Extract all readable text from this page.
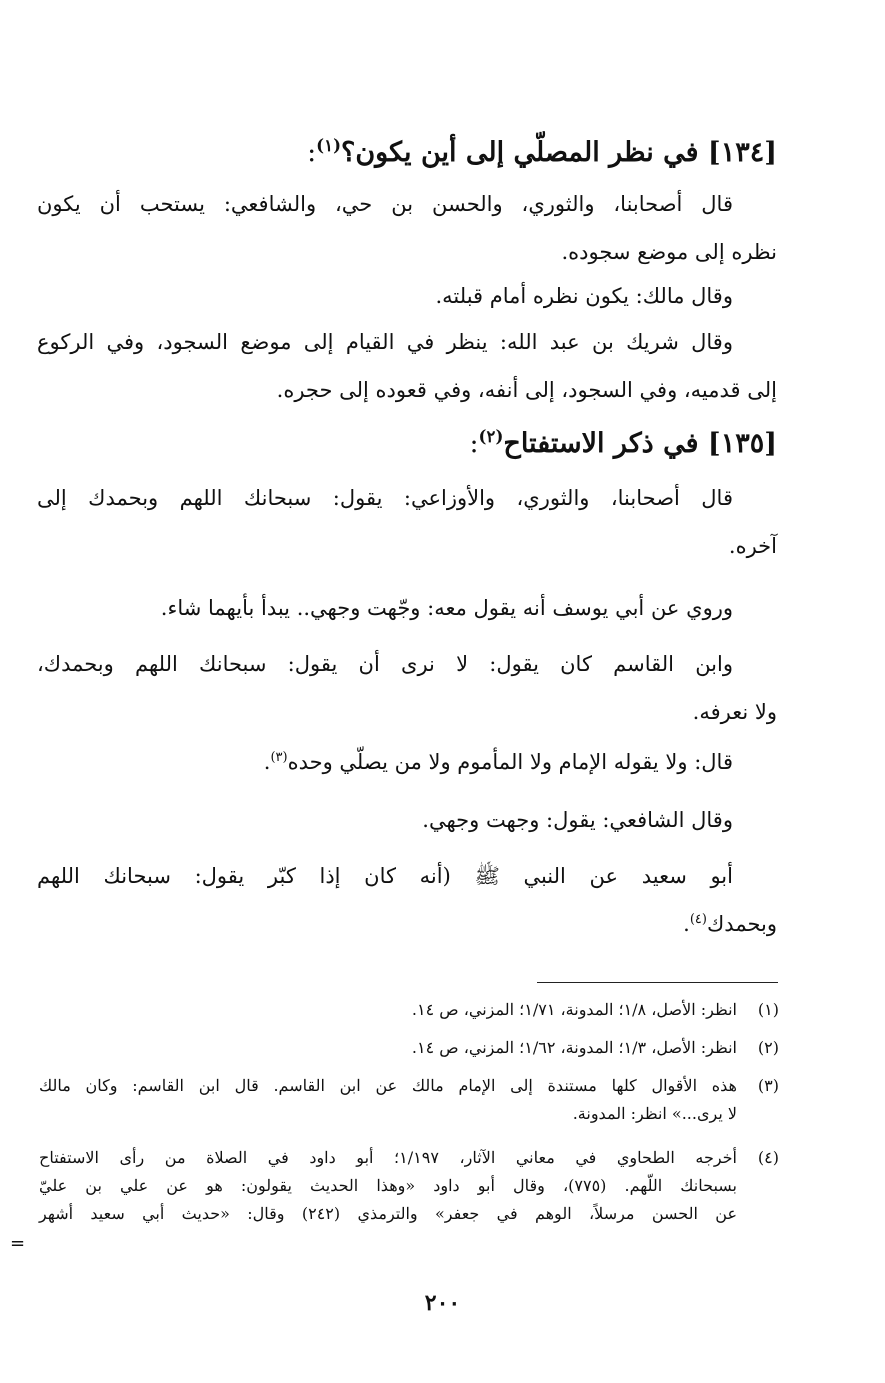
[١٣٤] في نظر المصلّي إلى أين يكون؟$^{(١)}$:
قال أصحابنا، والثوري، والحسن بن حي، والشافعي: يستحب أن يكون
نظره إلى موضع سجوده.
وقال مالك: يكون نظره أمام قبلته.
وقال شريك بن عبد الله: ينظر في القيام إلى موضع السجود، وفي الركوع
إلى قدميه، وفي السجود، إلى أنفه، وفي قعوده إلى حجره.
[١٣٥] في ذكر الاستفتاح$^{(٢)}$:
قال أصحابنا، والثوري، والأوزاعي: يقول: سبحانك اللهم وبحمدك إلى
آخره.
وروي عن أبي يوسف أنه يقول معه: وجّهت وجهي.. يبدأ بأيهما شاء.
وابن القاسم كان يقول: لا نرى أن يقول: سبحانك اللهم وبحمدك،
ولا نعرفه.
قال: ولا يقوله الإمام ولا المأموم ولا من يصلّي وحده$^{(٣)}$.
وقال الشافعي: يقول: وجهت وجهي.
أبو سعيد عن النبي ﷺ (أنه كان إذا كبّر يقول: سبحانك اللهم
وبحمدك$^{(٤)}$.
(١)
انظر: الأصل، ١/٨؛ المدونة، ١/٧١؛ المزني، ص ١٤.
(٢)
انظر: الأصل، ١/٣؛ المدونة، ١/٦٢؛ المزني، ص ١٤.
(٣)
هذه الأقوال كلها مستندة إلى الإمام مالك عن ابن القاسم. قال ابن القاسم: وكان مالك
لا يرى...» انظر: المدونة.
(٤)
أخرجه الطحاوي في معاني الآثار، ١/١٩٧؛ أبو داود في الصلاة من رأى الاستفتاح
بسبحانك اللّهم. (٧٧٥)، وقال أبو داود «وهذا الحديث يقولون: هو عن علي بن عليّ
عن الحسن مرسلاً، الوهم في جعفر» والترمذي (٢٤٢) وقال: «حديث أبي سعيد أشهر
=
٢٠٠
